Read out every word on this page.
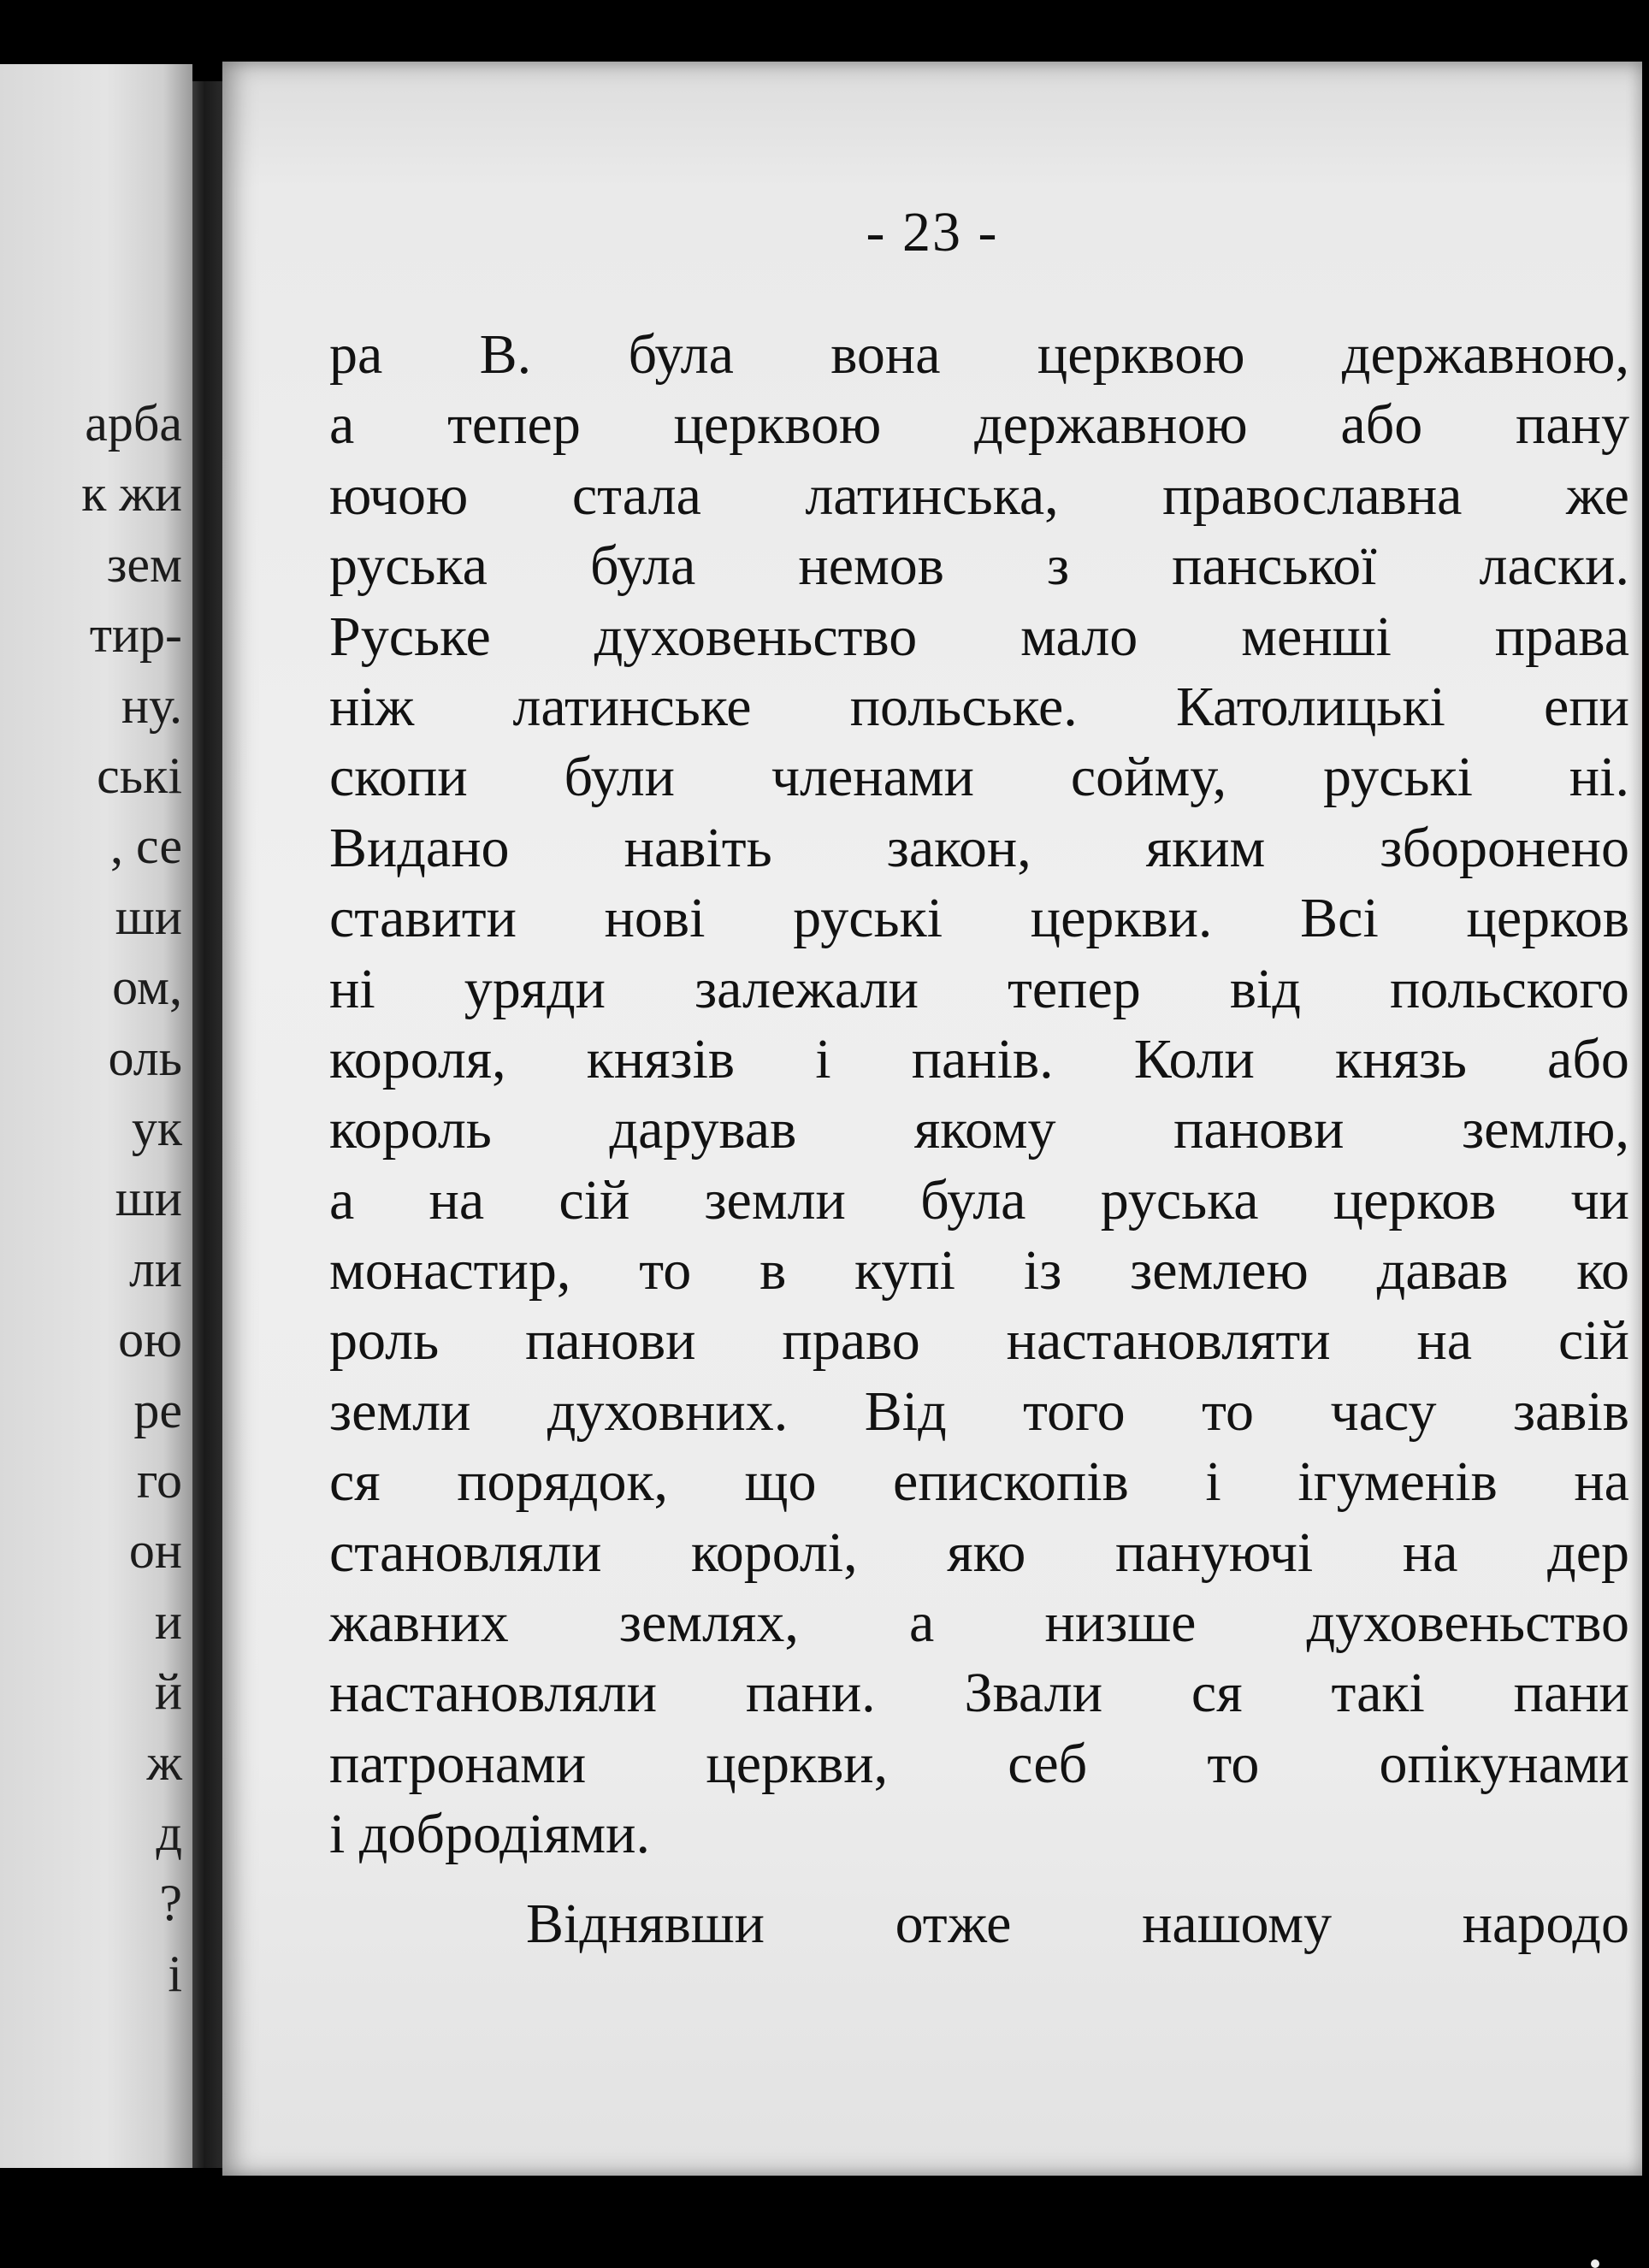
арба
к жи
зем
тир-
ну.
ські
, се
ши
ом,
оль
ук
ши
ли
ою
ре
го
он
и
й
ж
д
?
і
- 23 -
ра В. була вона церквою державною,
а тепер церквою державною або пану
ючою стала латинська, православна же
руська була немов з панської ласки.
Руське духовеньство мало менші права
ніж латинське польське. Католицькі епи
скопи були членами сойму, руські ні.
Видано навіть закон, яким зборонено
ставити нові руські церкви. Всі церков
ні уряди залежали тепер від польского
короля, князів і панів. Коли князь або
король дарував якому панови землю,
а на сій земли була руська церков чи
монастир, то в купі із землею давав ко
роль панови право настановляти на сій
земли духовних. Від того то часу завів
ся порядок, що епископів і ігуменів на
становляли королі, яко пануючі на дер
жавних землях, а низше духовеньство
настановляли пани. Звали ся такі пани
патронами церкви, себ то опікунами
і добродіями.
Віднявши отже нашому народо
